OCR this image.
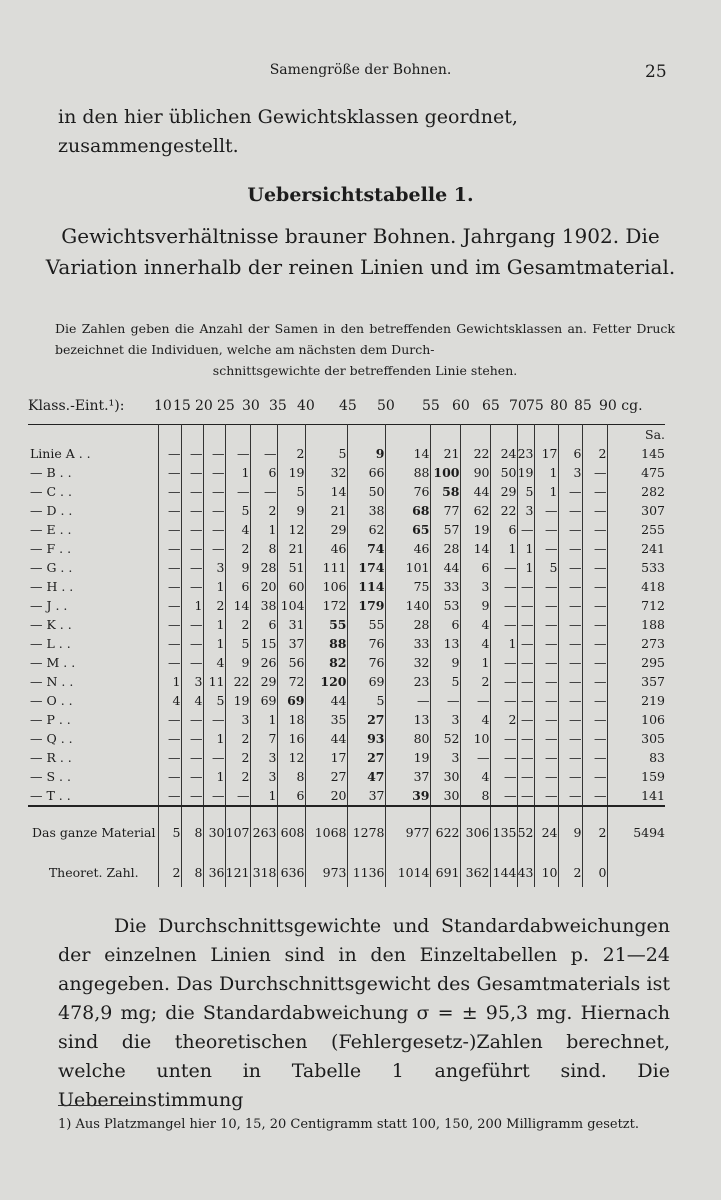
Samengröße der Bohnen.	25
in den hier üblichen Gewichtsklassen geordnet, zusammengestellt.
Uebersichtstabelle 1.
Gewichtsverhältnisse brauner Bohnen. Jahrgang 1902. Die Variation innerhalb der reinen Linien und im Gesamtmaterial.
Die Zahlen geben die Anzahl der Samen in den betreffenden Gewichtsklassen an. Fetter Druck bezeichnet die Individuen, welche am nächsten dem Durch-
schnittsgewichte der betreffenden Linie stehen.
Klass.-Eint.¹): 10 15 20 25 30 35 40 45 50 55 60 65 70 75 80 85 90 cg.
																	Sa.
Linie A . .	—	—	—	—	—	2	5	9	14	21	22	24	23	17	6	2	145
— B . .	—	—	—	1	6	19	32	66	88	100	90	50	19	1	3	—	475
— C . .	—	—	—	—	—	5	14	50	76	58	44	29	5	1	—	—	282
— D . .	—	—	—	5	2	9	21	38	68	77	62	22	3	—	—	—	307
— E . .	—	—	—	4	1	12	29	62	65	57	19	6	—	—	—	—	255
— F . .	—	—	—	2	8	21	46	74	46	28	14	1	1	—	—	—	241
— G . .	—	—	3	9	28	51	111	174	101	44	6	—	1	5	—	—	533
— H . .	—	—	1	6	20	60	106	114	75	33	3	—	—	—	—	—	418
— J . .	—	1	2	14	38	104	172	179	140	53	9	—	—	—	—	—	712
— K . .	—	—	1	2	6	31	55	55	28	6	4	—	—	—	—	—	188
— L . .	—	—	1	5	15	37	88	76	33	13	4	1	—	—	—	—	273
— M . .	—	—	4	9	26	56	82	76	32	9	1	—	—	—	—	—	295
— N . .	1	3	11	22	29	72	120	69	23	5	2	—	—	—	—	—	357
— O . .	4	4	5	19	69	69	44	5	—	—	—	—	—	—	—	—	219
— P . .	—	—	—	3	1	18	35	27	13	3	4	2	—	—	—	—	106
— Q . .	—	—	1	2	7	16	44	93	80	52	10	—	—	—	—	—	305
— R . .	—	—	—	2	3	12	17	27	19	3	—	—	—	—	—	—	83
— S . .	—	—	1	2	3	8	27	47	37	30	4	—	—	—	—	—	159
— T . .	—	—	—	—	1	6	20	37	39	30	8	—	—	—	—	—	141
Das ganze Material	5	8	30	107	263	608	1068	1278	977	622	306	135	52	24	9	2	5494
Theoret. Zahl.	2	8	36	121	318	636	973	1136	1014	691	362	144	43	10	2	0	
Die Durchschnittsgewichte und Standardabweichungen der einzelnen Linien sind in den Einzeltabellen p. 21—24 angegeben. Das Durchschnittsgewicht des Gesamtmaterials ist 478,9 mg; die Standardabweichung σ = ± 95,3 mg. Hiernach sind die theoretischen (Fehlergesetz-)Zahlen berechnet, welche unten in Tabelle 1 angeführt sind. Die Uebereinstimmung
1) Aus Platzmangel hier 10, 15, 20 Centigramm statt 100, 150, 200 Milligramm gesetzt.
